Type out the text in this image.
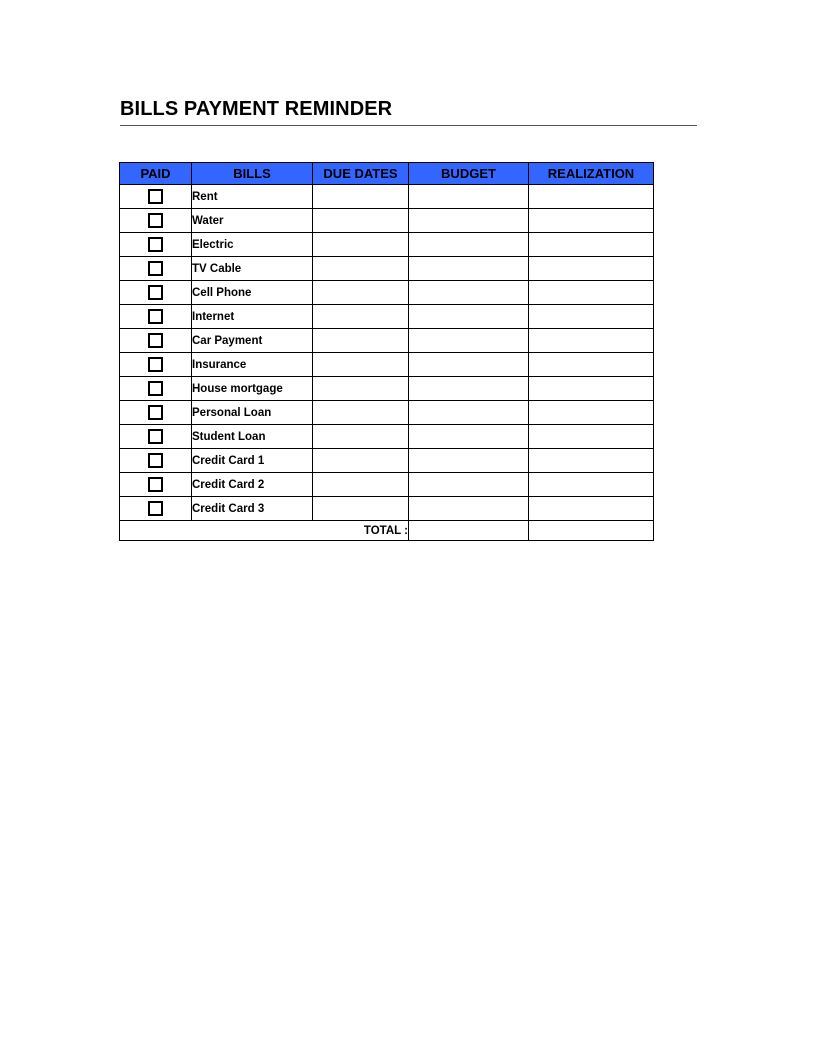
BILLS PAYMENT REMINDER
PAID	BILLS	DUE DATES	BUDGET	REALIZATION
	Rent			
	Water			
	Electric			
	TV Cable			
	Cell Phone			
	Internet			
	Car Payment			
	Insurance			
	House mortgage			
	Personal Loan			
	Student Loan			
	Credit Card 1			
	Credit Card 2			
	Credit Card 3			
TOTAL :				
